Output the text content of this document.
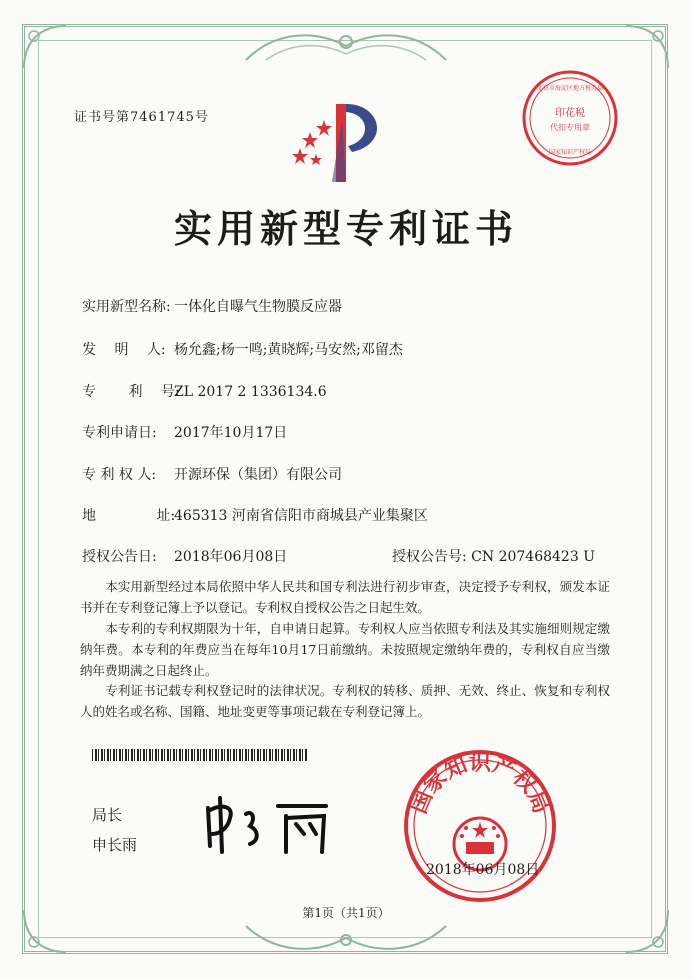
证书号第7461745号
实用新型专利证书
实用新型名称: 一体化自曝气生物膜反应器
发　 明　 人: 杨允鑫;杨一鸣;黄晓辉;马安然;邓留杰
专　　 利　 号:ZL 2017 2 1336134.6
专利申请日: 2017年10月17日
专 利 权 人: 开源环保（集团）有限公司
地　　　　 址:465313 河南省信阳市商城县产业集聚区
授权公告日: 2018年06月08日	授权公告号: CN 207468423 U
　　本实用新型经过本局依照中华人民共和国专利法进行初步审查，决定授予专利权，颁发本证书并在专利登记簿上予以登记。专利权自授权公告之日起生效。
　　本专利的专利权期限为十年，自申请日起算。专利权人应当依照专利法及其实施细则规定缴纳年费。本专利的年费应当在每年10月17日前缴纳。未按照规定缴纳年费的，专利权自应当缴纳年费期满之日起终止。
　　专利证书记载专利权登记时的法律状况。专利权的转移、质押、无效、终止、恢复和专利权人的姓名或名称、国籍、地址变更等事项记载在专利登记簿上。
局长
申长雨
印花税
代扣专用章
北京市海淀区地方税务局
国家知识产权局
国家知识产权局
2018年06月08日
第1页（共1页）
